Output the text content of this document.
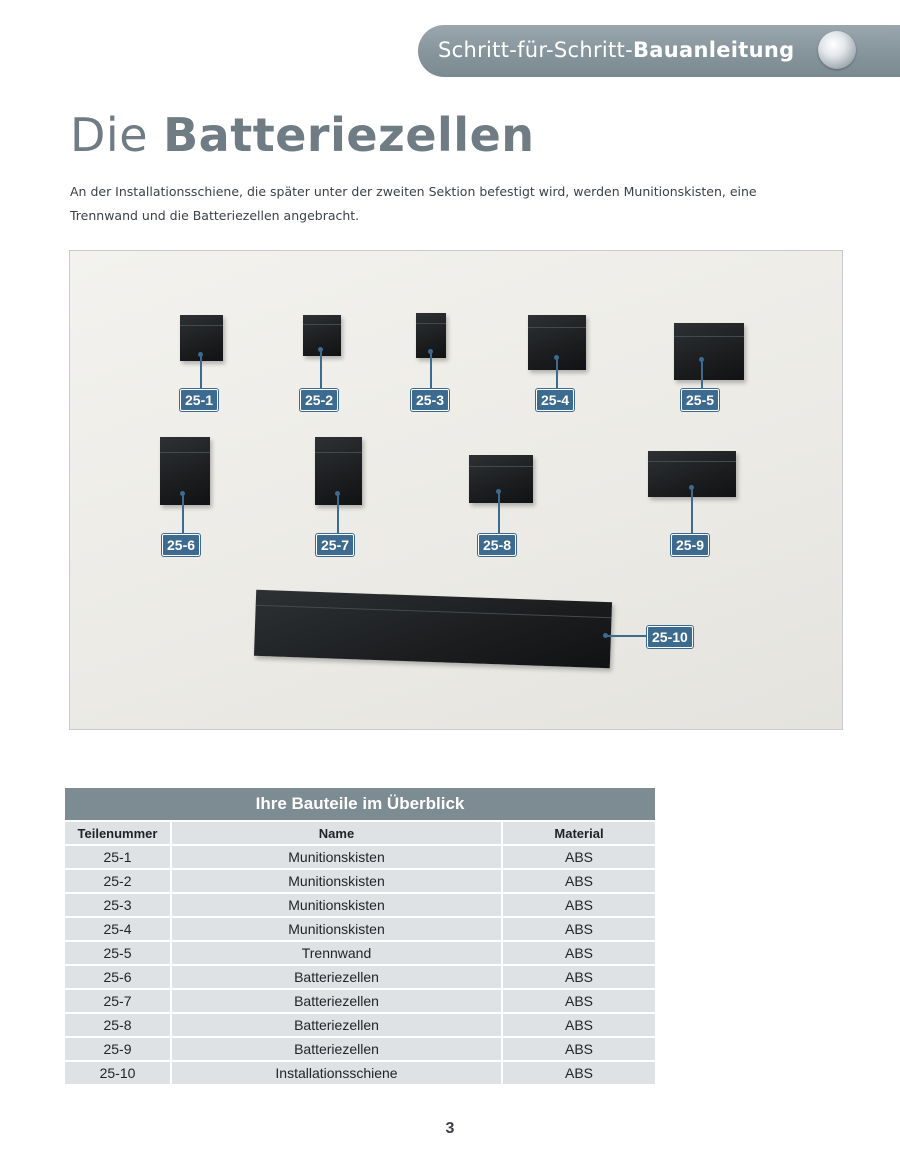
Schritt-für-Schritt-Bauanleitung
Die Batteriezellen

An der Installationsschiene, die später unter der zweiten Sektion befestigt wird, werden Munitionskisten, eine Trennwand und die Batteriezellen angebracht.

25-1	25-2	25-3	25-4	25-5
25-6	25-7	25-8	25-9
25-10
Ihre Bauteile im Überblick
Teilenummer	Name	Material
25-1	Munitionskisten	ABS
25-2	Munitionskisten	ABS
25-3	Munitionskisten	ABS
25-4	Munitionskisten	ABS
25-5	Trennwand	ABS
25-6	Batteriezellen	ABS
25-7	Batteriezellen	ABS
25-8	Batteriezellen	ABS
25-9	Batteriezellen	ABS
25-10	Installationsschiene	ABS
3
